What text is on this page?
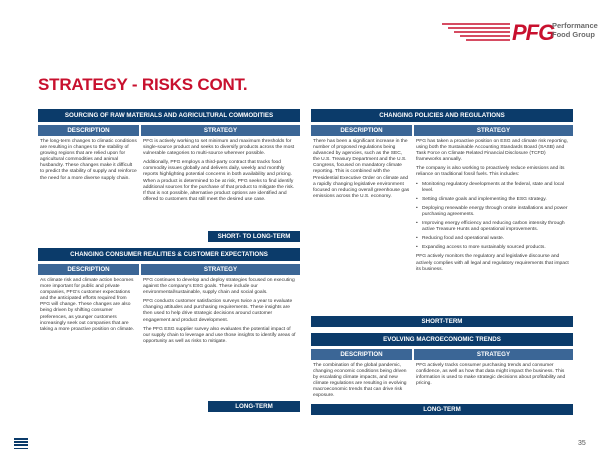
PFG
Performance
Food Group
STRATEGY - RISKS CONT.
SOURCING OF RAW MATERIALS AND AGRICULTURAL COMMODITIES
DESCRIPTION

The long-term changes to climatic conditions are resulting in changes to the stability of growing regions that are relied upon for agricultural commodities and animal husbandry. These changes make it difficult to predict the stability of supply and reinforce the need for a more diverse supply chain.

STRATEGY

PFG is actively working to set minimum and maximum thresholds for single-source product and seeks to diversify products across the most vulnerable categories to multi-source wherever possible.

Additionally, PFG employs a third-party contract that tracks food commodity issues globally and delivers daily, weekly and monthly reports highlighting potential concerns in both availability and pricing. When a product is determined to be at risk, PFG seeks to find identify additional sources for the purchase of that product to mitigate the risk. If that is not possible, alternative product options are identified and offered to customers that still meet the desired use case.

SHORT- TO LONG-TERM
CHANGING CONSUMER REALITIES & CUSTOMER EXPECTATIONS
DESCRIPTION

As climate risk and climate action becomes more important for public and private companies, PFG's customer expectations and the anticipated efforts required from PFG will change. These changes are also being driven by shifting consumer preferences, as younger customers increasingly seek out companies that are taking a more proactive position on climate.

STRATEGY

PFG continues to develop and deploy strategies focused on executing against the company's ESG goals. These include our environmental/sustainable, supply chain and social goals.

PFG conducts customer satisfaction surveys twice a year to evaluate changing attitudes and purchasing requirements. These insights are then used to help drive strategic decisions around customer engagement and product development.

The PFG ESG supplier survey also evaluates the potential impact of our supply chain to leverage and use those insights to identify areas of opportunity as well as risks to mitigate.

LONG-TERM
CHANGING POLICIES AND REGULATIONS
DESCRIPTION

There has been a significant increase in the number of proposed regulations being advanced by agencies, such as the SEC, the U.S. Treasury Department and the U.S. Congress, focused on mandatory climate reporting. This is combined with the Presidential Executive Order on climate and a rapidly changing legislative environment focused on reducing overall greenhouse gas emissions across the U.S. economy.

STRATEGY

PFG has taken a proactive position on ESG and climate risk reporting, using both the Sustainable Accounting Standards Board (SASB) and Task Force on Climate Related Financial Disclosure (TCFD) frameworks annually.

The company is also working to proactively reduce emissions and its reliance on traditional fossil fuels. This includes:

• Monitoring regulatory developments at the federal, state and local level.
• Setting climate goals and implementing the ESG strategy.
• Deploying renewable energy through onsite installations and power purchasing agreements.
• Improving energy efficiency and reducing carbon intensity through active Treasure Hunts and operational improvements.
• Reducing food and operational waste.
• Expanding access to more sustainably sourced products.

PFG actively monitors the regulatory and legislative discourse and actively complies with all legal and regulatory requirements that impact its business.

SHORT-TERM
EVOLVING MACROECONOMIC TRENDS
DESCRIPTION

The combination of the global pandemic, changing economic conditions being driven by escalating climate impacts, and new climate regulations are resulting in evolving macroeconomic trends that can drive risk exposure.

STRATEGY

PFG actively tracks consumer purchasing trends and consumer confidence, as well as how that data might impact the business. This information is used to make strategic decisions about profitability and pricing.

LONG-TERM
35
